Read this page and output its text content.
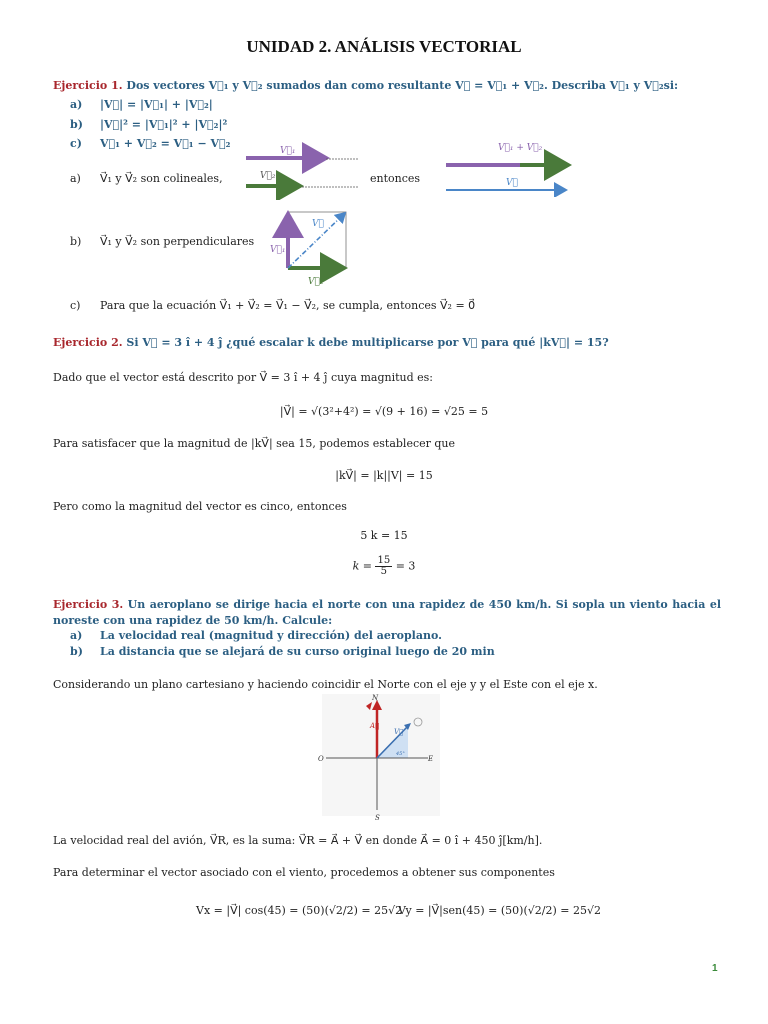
UNIDAD 2. ANÁLISIS VECTORIAL
Ejercicio 1. Dos vectores V⃗₁ y V⃗₂ sumados dan como resultante V⃗ = V⃗₁ + V⃗₂. Describa V⃗₁ y V⃗₂si:
a) |V⃗| = |V⃗₁| + |V⃗₂|
b) |V⃗|² = |V⃗₁|² + |V⃗₂|²
c) V⃗₁ + V⃗₂ = V⃗₁ − V⃗₂
a) V⃗₁ y V⃗₂ son colineales,	entonces
V⃗₁
V⃗₂
V⃗₁ + V⃗₂
V⃗
b) V⃗₁ y V⃗₂ son perpendiculares
V⃗
V⃗₁
V⃗₂
c) Para que la ecuación V⃗₁ + V⃗₂ = V⃗₁ − V⃗₂, se cumpla, entonces V⃗₂ = 0⃗
Ejercicio 2. Si V⃗ = 3 î + 4 ĵ ¿qué escalar k debe multiplicarse por V⃗ para qué |kV⃗| = 15?
Dado que el vector está descrito por V⃗ = 3 î + 4 ĵ cuya magnitud es:
|V⃗| = √(3²+4²) = √(9 + 16) = √25 = 5
Para satisfacer que la magnitud de |kV⃗| sea 15, podemos establecer que
|kV⃗| = |k||V| = 15
Pero como la magnitud del vector es cinco, entonces
5 k = 15
$k = \frac{15}{5} = 3$
Ejercicio 3. Un aeroplano se dirige hacia el norte con una rapidez de 450 km/h. Si sopla un viento hacia el noreste con una rapidez de 50 km/h. Calcule:
a) La velocidad real (magnitud y dirección) del aeroplano.
b) La distancia que se alejará de su curso original luego de 20 min
Considerando un plano cartesiano y haciendo coincidir el Norte con el eje y y el Este con el eje x.
N
S
E
O
A⃗
V⃗
45°
La velocidad real del avión, V⃗R, es la suma: V⃗R = A⃗ + V⃗ en donde A⃗ = 0 î + 450 ĵ[km/h].
Para determinar el vector asociado con el viento, procedemos a obtener sus componentes
Vx = |V⃗| cos(45) = (50)(√2/2) = 25√2
Vy = |V⃗|sen(45) = (50)(√2/2) = 25√2
1
